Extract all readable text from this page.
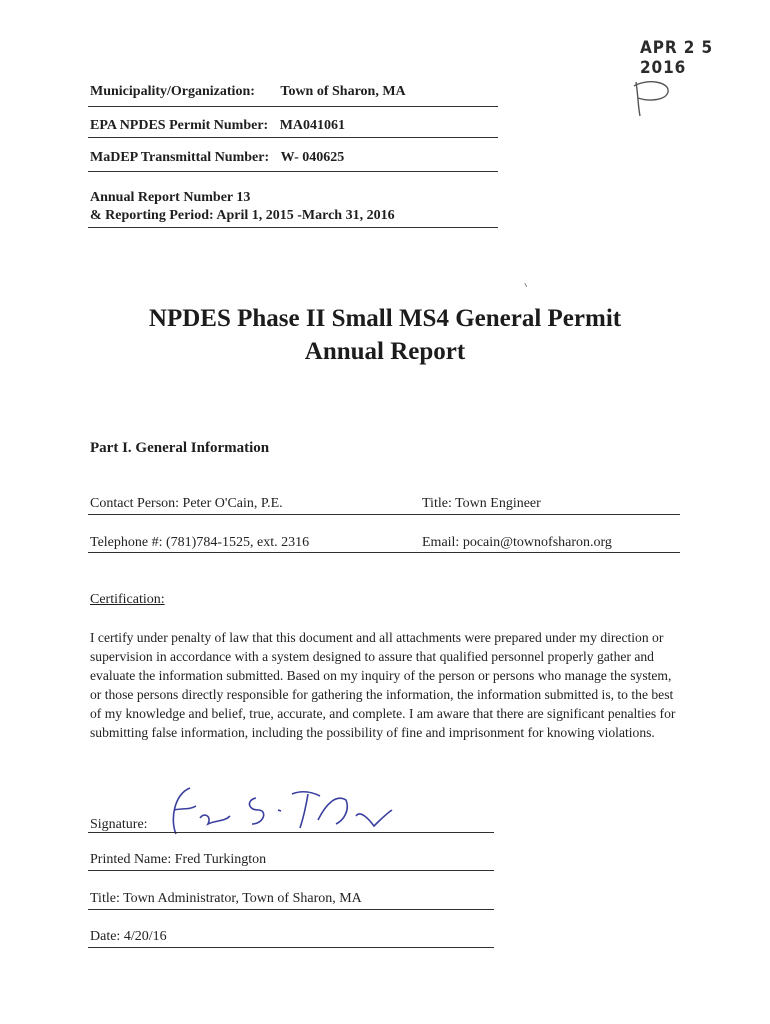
APR 2 5 2016
Municipality/Organization: Town of Sharon, MA
EPA NPDES Permit Number: MA041061
MaDEP Transmittal Number: W- 040625
Annual Report Number 13
& Reporting Period: April 1, 2015 -March 31, 2016
NPDES Phase II Small MS4 General Permit
Annual Report
Part I. General Information
Contact Person: Peter O'Cain, P.E.	Title: Town Engineer
Telephone #: (781)784-1525, ext. 2316	Email: pocain@townofsharon.org
Certification:
I certify under penalty of law that this document and all attachments were prepared under my direction or supervision in accordance with a system designed to assure that qualified personnel properly gather and evaluate the information submitted. Based on my inquiry of the person or persons who manage the system, or those persons directly responsible for gathering the information, the information submitted is, to the best of my knowledge and belief, true, accurate, and complete. I am aware that there are significant penalties for submitting false information, including the possibility of fine and imprisonment for knowing violations.
Signature:
Printed Name: Fred Turkington
Title: Town Administrator, Town of Sharon, MA
Date: 4/20/16
